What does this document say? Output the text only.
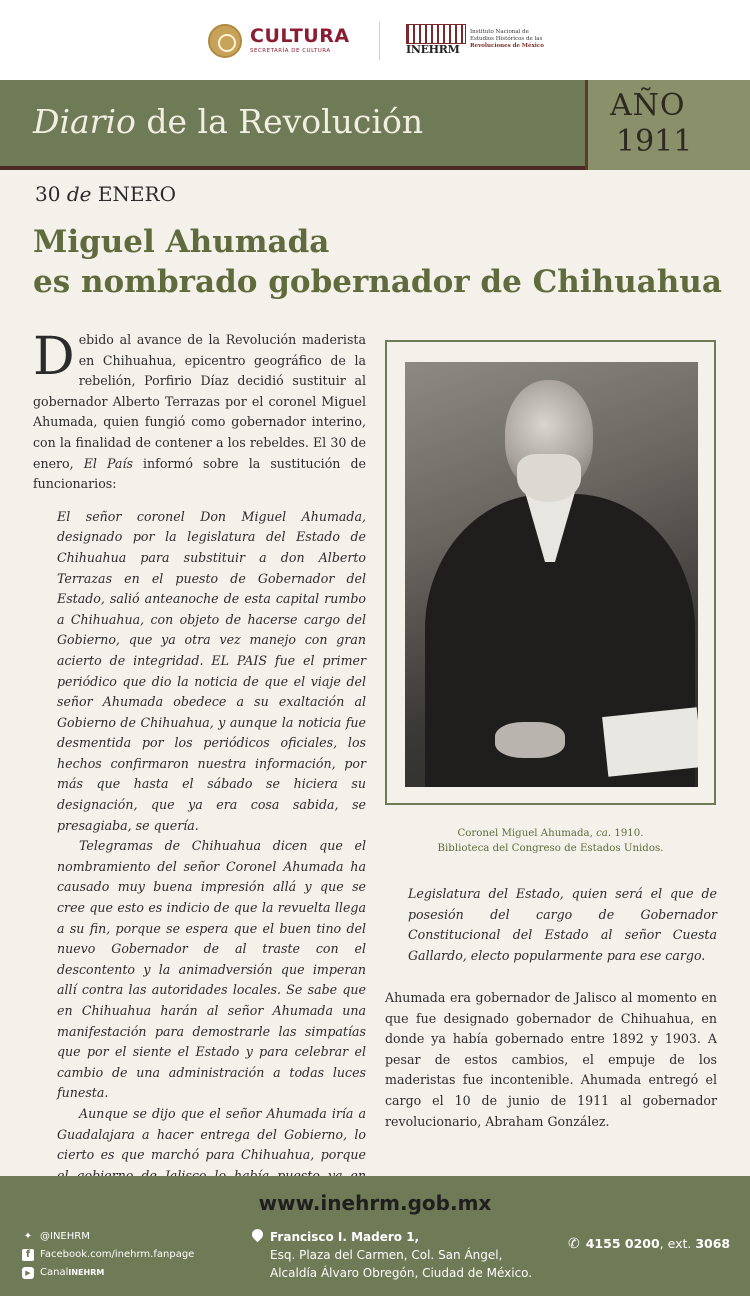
CULTURA
SECRETARÍA DE CULTURA	INEHRM
Instituto Nacional de
Estudios Históricos de las
Revoluciones de México
Diario de la Revolución	AÑO
1911
30 de ENERO
Miguel Ahumada
es nombrado gobernador de Chihuahua

Debido al avance de la Revolución maderista en Chihuahua, epicentro geográfico de la rebelión, Porfirio Díaz decidió sustituir al gobernador Alberto Terrazas por el coronel Miguel Ahumada, quien fungió como gobernador interino, con la finalidad de contener a los rebeldes. El 30 de enero, El País informó sobre la sustitución de funcionarios:

El señor coronel Don Miguel Ahumada, designado por la legislatura del Estado de Chihuahua para substituir a don Alberto Terrazas en el puesto de Gobernador del Estado, salió anteanoche de esta capital rumbo a Chihuahua, con objeto de hacerse cargo del Gobierno, que ya otra vez manejo con gran acierto de integridad. EL PAIS fue el primer periódico que dio la noticia de que el viaje del señor Ahumada obedece a su exaltación al Gobierno de Chihuahua, y aunque la noticia fue desmentida por los periódicos oficiales, los hechos confirmaron nuestra información, por más que hasta el sábado se hiciera su designación, que ya era cosa sabida, se presagiaba, se quería.

Telegramas de Chihuahua dicen que el nombramiento del señor Coronel Ahumada ha causado muy buena impresión allá y que se cree que esto es indicio de que la revuelta llega a su fin, porque se espera que el buen tino del nuevo Gobernador de al traste con el descontento y la animadversión que imperan allí contra las autoridades locales. Se sabe que en Chihuahua harán al señor Ahumada una manifestación para demostrarle las simpatías que por el siente el Estado y para celebrar el cambio de una administración a todas luces funesta.

Aunque se dijo que el señor Ahumada iría a Guadalajara a hacer entrega del Gobierno, lo cierto es que marchó para Chihuahua, porque

Coronel Miguel Ahumada, ca. 1910.
Biblioteca del Congreso de Estados Unidos.
Legislatura del Estado, quien será el que de posesión del cargo de Gobernador Constitucional del Estado al señor Cuesta Gallardo, electo popularmente para ese cargo.
Ahumada era gobernador de Jalisco al momento en que fue designado gobernador de Chihuahua, en donde ya había gobernado entre 1892 y 1903. A pesar de estos cambios, el empuje de los maderistas fue incontenible. Ahumada entregó el cargo el 10 de junio de 1911 al gobernador revolucionario, Abraham González.
www.inehrm.gob.mx
✦ @INEHRM
f Facebook.com/inehrm.fanpage
▶ Canal INEHRM
Francisco I. Madero 1,
Esq. Plaza del Carmen, Col. San Ángel,
Alcaldía Álvaro Obregón, Ciudad de México.
✆ 4155 0200, ext. 3068
